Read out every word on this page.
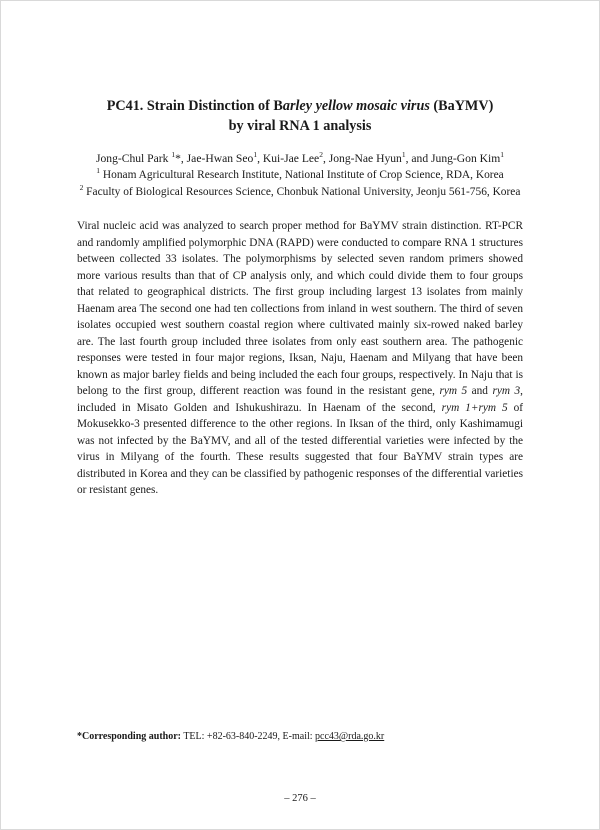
PC41. Strain Distinction of Barley yellow mosaic virus (BaYMV)
by viral RNA 1 analysis
Jong-Chul Park $^1$*, Jae-Hwan Seo$^1$, Kui-Jae Lee$^2$, Jong-Nae Hyun$^1$, and Jung-Gon Kim$^1$
$^1$ Honam Agricultural Research Institute, National Institute of Crop Science, RDA, Korea
$^2$ Faculty of Biological Resources Science, Chonbuk National University, Jeonju 561-756, Korea

Viral nucleic acid was analyzed to search proper method for BaYMV strain distinction. RT-PCR and randomly amplified polymorphic DNA (RAPD) were conducted to compare RNA 1 structures between collected 33 isolates. The polymorphisms by selected seven random primers showed more various results than that of CP analysis only, and which could divide them to four groups that related to geographical districts. The first group including largest 13 isolates from mainly Haenam area The second one had ten collections from inland in west southern. The third of seven isolates occupied west southern coastal region where cultivated mainly six-rowed naked barley are. The last fourth group included three isolates from only east southern area. The pathogenic responses were tested in four major regions, Iksan, Naju, Haenam and Milyang that have been known as major barley fields and being included the each four groups, respectively. In Naju that is belong to the first group, different reaction was found in the resistant gene, rym 5 and rym 3, included in Misato Golden and Ishukushirazu. In Haenam of the second, rym 1+rym 5 of Mokusekko-3 presented difference to the other regions. In Iksan of the third, only Kashimamugi was not infected by the BaYMV, and all of the tested differential varieties were infected by the virus in Milyang of the fourth. These results suggested that four BaYMV strain types are distributed in Korea and they can be classified by pathogenic responses of the differential varieties or resistant genes.

*Corresponding author: TEL: +82-63-840-2249, E-mail: pcc43@rda.go.kr
– 276 –
